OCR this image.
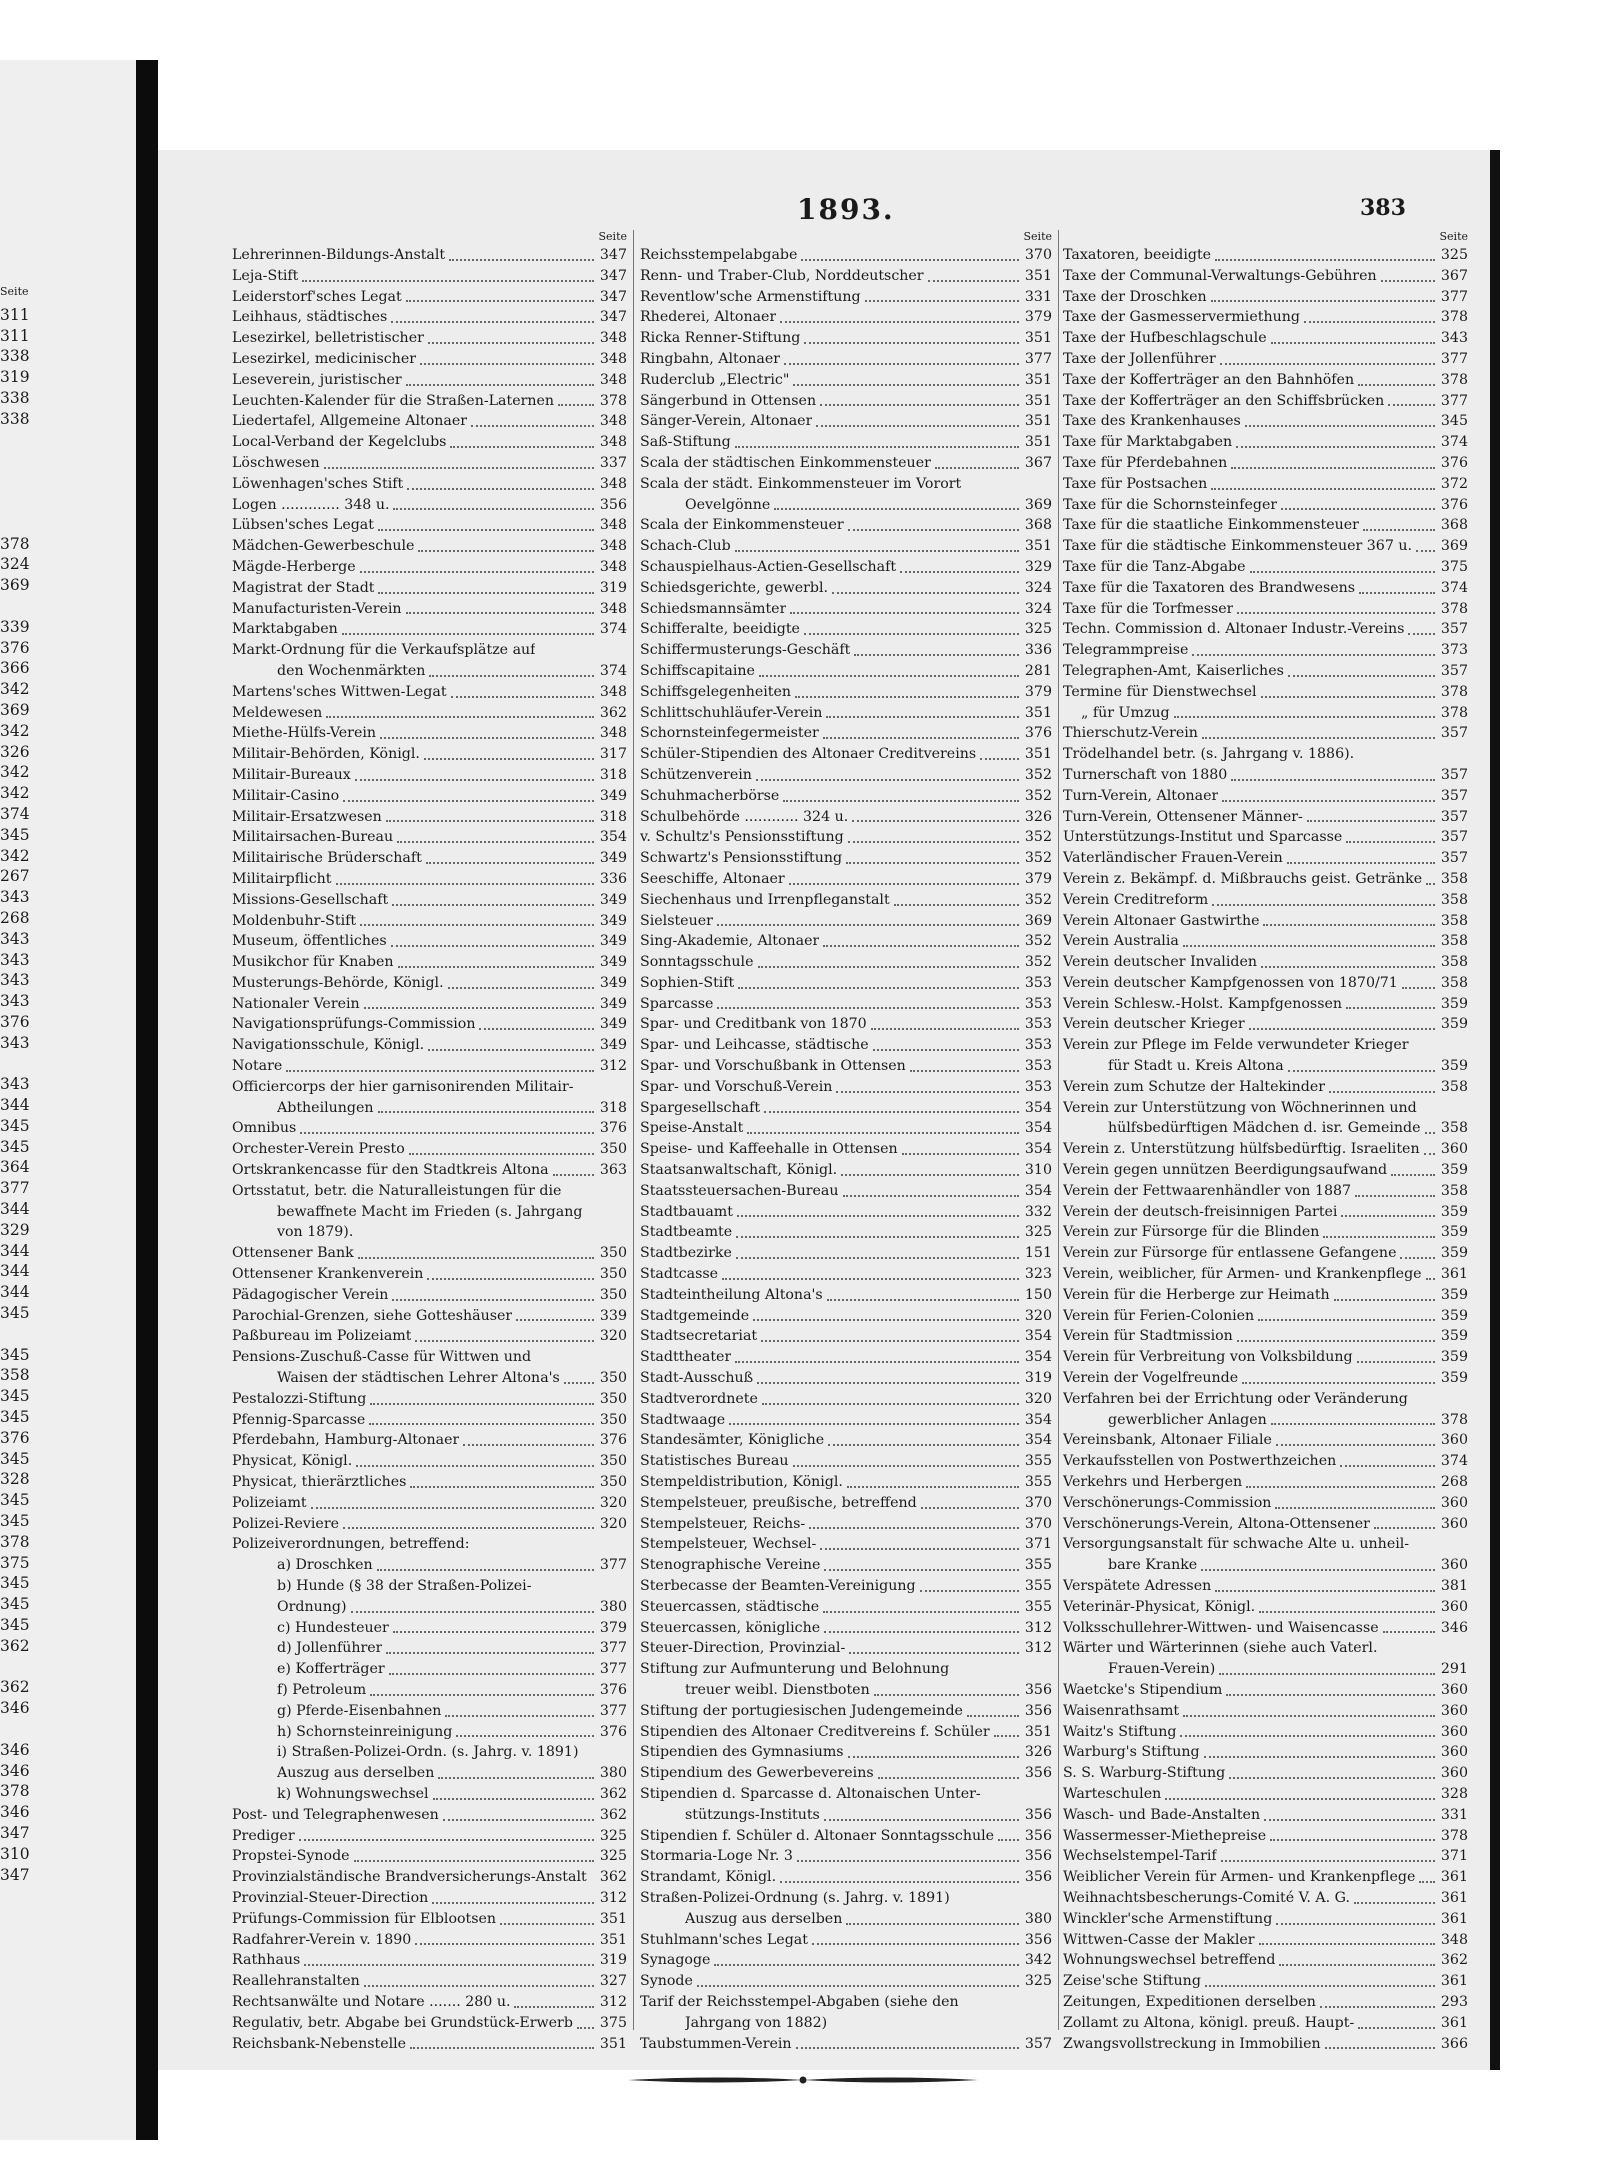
Seite
311
311
338
319
338
338
378
324
369
339
376
366
342
369
342
326
342
342
374
345
342
267
343
268
343
343
343
343
376
343
343
344
345
345
364
377
344
329
344
344
344
345
345
358
345
345
376
345
328
345
345
378
375
345
345
345
362
362
346
346
346
378
346
347
310
347
1893.	383
Seite
Lehrerinnen-Bildungs-Anstalt	347
Leja-Stift	347
Leiderstorf'sches Legat	347
Leihhaus, städtisches	347
Lesezirkel, belletristischer	348
Lesezirkel, medicinischer	348
Leseverein, juristischer	348
Leuchten-Kalender für die Straßen-Laternen	378
Liedertafel, Allgemeine Altonaer	348
Local-Verband der Kegelclubs	348
Löschwesen	337
Löwenhagen'sches Stift	348
Logen ............. 348 u.	356
Lübsen'sches Legat	348
Mädchen-Gewerbeschule	348
Mägde-Herberge	348
Magistrat der Stadt	319
Manufacturisten-Verein	348
Marktabgaben	374
Markt-Ordnung für die Verkaufsplätze auf
den Wochenmärkten	374
Martens'sches Wittwen-Legat	348
Meldewesen	362
Miethe-Hülfs-Verein	348
Militair-Behörden, Königl.	317
Militair-Bureaux	318
Militair-Casino	349
Militair-Ersatzwesen	318
Militairsachen-Bureau	354
Militairische Brüderschaft	349
Militairpflicht	336
Missions-Gesellschaft	349
Moldenbuhr-Stift	349
Museum, öffentliches	349
Musikchor für Knaben	349
Musterungs-Behörde, Königl.	349
Nationaler Verein	349
Navigationsprüfungs-Commission	349
Navigationsschule, Königl.	349
Notare	312
Officiercorps der hier garnisonirenden Militair-
Abtheilungen	318
Omnibus	376
Orchester-Verein Presto	350
Ortskrankencasse für den Stadtkreis Altona	363
Ortsstatut, betr. die Naturalleistungen für die
bewaffnete Macht im Frieden (s. Jahrgang
von 1879).
Ottensener Bank	350
Ottensener Krankenverein	350
Pädagogischer Verein	350
Parochial-Grenzen, siehe Gotteshäuser	339
Paßbureau im Polizeiamt	320
Pensions-Zuschuß-Casse für Wittwen und
Waisen der städtischen Lehrer Altona's	350
Pestalozzi-Stiftung	350
Pfennig-Sparcasse	350
Pferdebahn, Hamburg-Altonaer	376
Physicat, Königl.	350
Physicat, thierärztliches	350
Polizeiamt	320
Polizei-Reviere	320
Polizeiverordnungen, betreffend:
a) Droschken	377
b) Hunde (§ 38 der Straßen-Polizei-
Ordnung)	380
c) Hundesteuer	379
d) Jollenführer	377
e) Kofferträger	377
f) Petroleum	376
g) Pferde-Eisenbahnen	377
h) Schornsteinreinigung	376
i) Straßen-Polizei-Ordn. (s. Jahrg. v. 1891)
Auszug aus derselben	380
k) Wohnungswechsel	362
Post- und Telegraphenwesen	362
Prediger	325
Propstei-Synode	325
Provinzialständische Brandversicherungs-Anstalt 362
Provinzial-Steuer-Direction	312
Prüfungs-Commission für Elblootsen	351
Radfahrer-Verein v. 1890	351
Rathhaus	319
Reallehranstalten	327
Rechtsanwälte und Notare ....... 280 u.	312
Regulativ, betr. Abgabe bei Grundstück-Erwerb 375
Reichsbank-Nebenstelle	351
Seite
Reichsstempelabgabe	370
Renn- und Traber-Club, Norddeutscher	351
Reventlow'sche Armenstiftung	331
Rhederei, Altonaer	379
Ricka Renner-Stiftung	351
Ringbahn, Altonaer	377
Ruderclub „Electric"	351
Sängerbund in Ottensen	351
Sänger-Verein, Altonaer	351
Saß-Stiftung	351
Scala der städtischen Einkommensteuer	367
Scala der städt. Einkommensteuer im Vorort
Oevelgönne	369
Scala der Einkommensteuer	368
Schach-Club	351
Schauspielhaus-Actien-Gesellschaft	329
Schiedsgerichte, gewerbl.	324
Schiedsmannsämter	324
Schifferalte, beeidigte	325
Schiffermusterungs-Geschäft	336
Schiffscapitaine	281
Schiffsgelegenheiten	379
Schlittschuhläufer-Verein	351
Schornsteinfegermeister	376
Schüler-Stipendien des Altonaer Creditvereins	351
Schützenverein	352
Schuhmacherbörse	352
Schulbehörde ............ 324 u.	326
v. Schultz's Pensionsstiftung	352
Schwartz's Pensionsstiftung	352
Seeschiffe, Altonaer	379
Siechenhaus und Irrenpfleganstalt	352
Sielsteuer	369
Sing-Akademie, Altonaer	352
Sonntagsschule	352
Sophien-Stift	353
Sparcasse	353
Spar- und Creditbank von 1870	353
Spar- und Leihcasse, städtische	353
Spar- und Vorschußbank in Ottensen	353
Spar- und Vorschuß-Verein	353
Spargesellschaft	354
Speise-Anstalt	354
Speise- und Kaffeehalle in Ottensen	354
Staatsanwaltschaft, Königl.	310
Staatssteuersachen-Bureau	354
Stadtbauamt	332
Stadtbeamte	325
Stadtbezirke	151
Stadtcasse	323
Stadteintheilung Altona's	150
Stadtgemeinde	320
Stadtsecretariat	354
Stadttheater	354
Stadt-Ausschuß	319
Stadtverordnete	320
Stadtwaage	354
Standesämter, Königliche	354
Statistisches Bureau	355
Stempeldistribution, Königl.	355
Stempelsteuer, preußische, betreffend	370
Stempelsteuer, Reichs-	370
Stempelsteuer, Wechsel-	371
Stenographische Vereine	355
Sterbecasse der Beamten-Vereinigung	355
Steuercassen, städtische	355
Steuercassen, königliche	312
Steuer-Direction, Provinzial-	312
Stiftung zur Aufmunterung und Belohnung
treuer weibl. Dienstboten	356
Stiftung der portugiesischen Judengemeinde	356
Stipendien des Altonaer Creditvereins f. Schüler 351
Stipendien des Gymnasiums	326
Stipendium des Gewerbevereins	356
Stipendien d. Sparcasse d. Altonaischen Unter-
stützungs-Instituts	356
Stipendien f. Schüler d. Altonaer Sonntagsschule 356
Stormaria-Loge Nr. 3	356
Strandamt, Königl.	356
Straßen-Polizei-Ordnung (s. Jahrg. v. 1891)
Auszug aus derselben	380
Stuhlmann'sches Legat	356
Synagoge	342
Synode	325
Tarif der Reichsstempel-Abgaben (siehe den
Jahrgang von 1882)
Taubstummen-Verein	357
Seite
Taxatoren, beeidigte	325
Taxe der Communal-Verwaltungs-Gebühren	367
Taxe der Droschken	377
Taxe der Gasmesservermiethung	378
Taxe der Hufbeschlagschule	343
Taxe der Jollenführer	377
Taxe der Kofferträger an den Bahnhöfen	378
Taxe der Kofferträger an den Schiffsbrücken	377
Taxe des Krankenhauses	345
Taxe für Marktabgaben	374
Taxe für Pferdebahnen	376
Taxe für Postsachen	372
Taxe für die Schornsteinfeger	376
Taxe für die staatliche Einkommensteuer	368
Taxe für die städtische Einkommensteuer 367 u. 369
Taxe für die Tanz-Abgabe	375
Taxe für die Taxatoren des Brandwesens	374
Taxe für die Torfmesser	378
Techn. Commission d. Altonaer Industr.-Vereins	357
Telegrammpreise	373
Telegraphen-Amt, Kaiserliches	357
Termine für Dienstwechsel	378
„ für Umzug	378
Thierschutz-Verein	357
Trödelhandel betr. (s. Jahrgang v. 1886).
Turnerschaft von 1880	357
Turn-Verein, Altonaer	357
Turn-Verein, Ottensener Männer-	357
Unterstützungs-Institut und Sparcasse	357
Vaterländischer Frauen-Verein	357
Verein z. Bekämpf. d. Mißbrauchs geist. Getränke 358
Verein Creditreform	358
Verein Altonaer Gastwirthe	358
Verein Australia	358
Verein deutscher Invaliden	358
Verein deutscher Kampfgenossen von 1870/71	358
Verein Schlesw.-Holst. Kampfgenossen	359
Verein deutscher Krieger	359
Verein zur Pflege im Felde verwundeter Krieger
für Stadt u. Kreis Altona	359
Verein zum Schutze der Haltekinder	358
Verein zur Unterstützung von Wöchnerinnen und
hülfsbedürftigen Mädchen d. isr. Gemeinde 358
Verein z. Unterstützung hülfsbedürftig. Israeliten 360
Verein gegen unnützen Beerdigungsaufwand	359
Verein der Fettwaarenhändler von 1887	358
Verein der deutsch-freisinnigen Partei	359
Verein zur Fürsorge für die Blinden	359
Verein zur Fürsorge für entlassene Gefangene	359
Verein, weiblicher, für Armen- und Krankenpflege 361
Verein für die Herberge zur Heimath	359
Verein für Ferien-Colonien	359
Verein für Stadtmission	359
Verein für Verbreitung von Volksbildung	359
Verein der Vogelfreunde	359
Verfahren bei der Errichtung oder Veränderung
gewerblicher Anlagen	378
Vereinsbank, Altonaer Filiale	360
Verkaufsstellen von Postwerthzeichen	374
Verkehrs und Herbergen	268
Verschönerungs-Commission	360
Verschönerungs-Verein, Altona-Ottensener	360
Versorgungsanstalt für schwache Alte u. unheil-
bare Kranke	360
Verspätete Adressen	381
Veterinär-Physicat, Königl.	360
Volksschullehrer-Wittwen- und Waisencasse	346
Wärter und Wärterinnen (siehe auch Vaterl.
Frauen-Verein)	291
Waetcke's Stipendium	360
Waisenrathsamt	360
Waitz's Stiftung	360
Warburg's Stiftung	360
S. S. Warburg-Stiftung	360
Warteschulen	328
Wasch- und Bade-Anstalten	331
Wassermesser-Miethepreise	378
Wechselstempel-Tarif	371
Weiblicher Verein für Armen- und Krankenpflege 361
Weihnachtsbescherungs-Comité V. A. G.	361
Winckler'sche Armenstiftung	361
Wittwen-Casse der Makler	348
Wohnungswechsel betreffend	362
Zeise'sche Stiftung	361
Zeitungen, Expeditionen derselben	293
Zollamt zu Altona, königl. preuß. Haupt-	361
Zwangsvollstreckung in Immobilien	366
